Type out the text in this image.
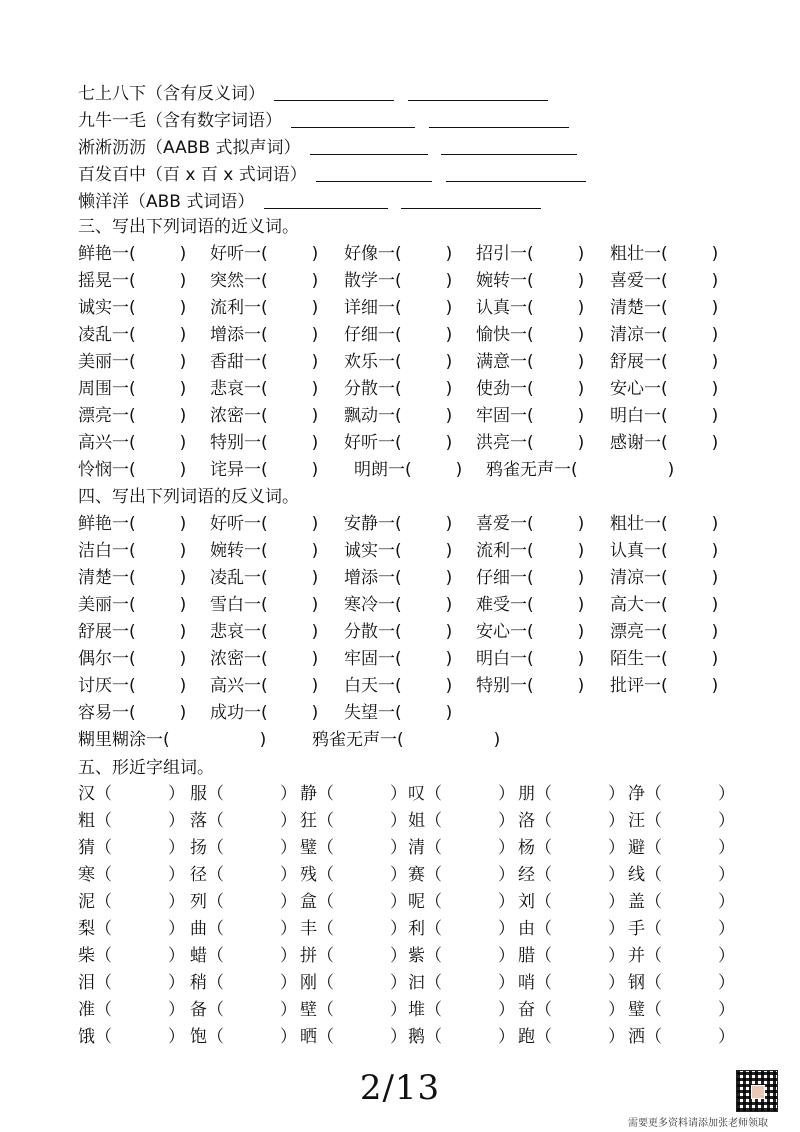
七上八下（含有反义词）
九牛一毛（含有数字词语）
淅淅沥沥（AABB 式拟声词）
百发百中（百 x 百 x 式词语）
懒洋洋（ABB 式词语）
三、写出下列词语的近义词。
四、写出下列词语的反义词。
五、形近字组词。
鲜艳一(	) 好听一(	) 好像一(	) 招引一(	) 粗壮一(	)
摇晃一(	) 突然一(	) 散学一(	) 婉转一(	) 喜爱一(	)
诚实一(	) 流利一(	) 详细一(	) 认真一(	) 清楚一(	)
凌乱一(	) 增添一(	) 仔细一(	) 愉快一(	) 清凉一(	)
美丽一(	) 香甜一(	) 欢乐一(	) 满意一(	) 舒展一(	)
周围一(	) 悲哀一(	) 分散一(	) 使劲一(	) 安心一(	)
漂亮一(	) 浓密一(	) 飘动一(	) 牢固一(	) 明白一(	)
高兴一(	) 特别一(	) 好听一(	) 洪亮一(	) 感谢一(	)
怜悯一(	) 诧异一(	) 明朗一(	) 鸦雀无声一(	)
鲜艳一(	) 好听一(	) 安静一(	) 喜爱一(	) 粗壮一(	)
洁白一(	) 婉转一(	) 诚实一(	) 流利一(	) 认真一(	)
清楚一(	) 凌乱一(	) 增添一(	) 仔细一(	) 清凉一(	)
美丽一(	) 雪白一(	) 寒冷一(	) 难受一(	) 高大一(	)
舒展一(	) 悲哀一(	) 分散一(	) 安心一(	) 漂亮一(	)
偶尔一(	) 浓密一(	) 牢固一(	) 明白一(	) 陌生一(	)
讨厌一(	) 高兴一(	) 白天一(	) 特别一(	) 批评一(	)
容易一(	) 成功一(	) 失望一(	)
糊里糊涂一(	)	鸦雀无声一(	)
汉（	） 服（	） 静（	） 叹（	） 朋（	） 净（	）
粗（	） 落（	） 狂（	） 姐（	） 洛（	） 汪（	）
猜（	） 扬（	） 璧（	） 清（	） 杨（	） 避（	）
寒（	） 径（	） 残（	） 赛（	） 经（	） 线（	）
泥（	） 列（	） 盒（	） 呢（	） 刘（	） 盖（	）
梨（	） 曲（	） 丰（	） 利（	） 由（	） 手（	）
柴（	） 蜡（	） 拼（	） 紫（	） 腊（	） 并（	）
泪（	） 稍（	） 刚（	） 汩（	） 哨（	） 钢（	）
准（	） 备（	） 壁（	） 堆（	） 奋（	） 璧（	）
饿（	） 饱（	） 晒（	） 鹅（	） 跑（	） 洒（	）
2/13
需要更多资料请添加张老师领取
